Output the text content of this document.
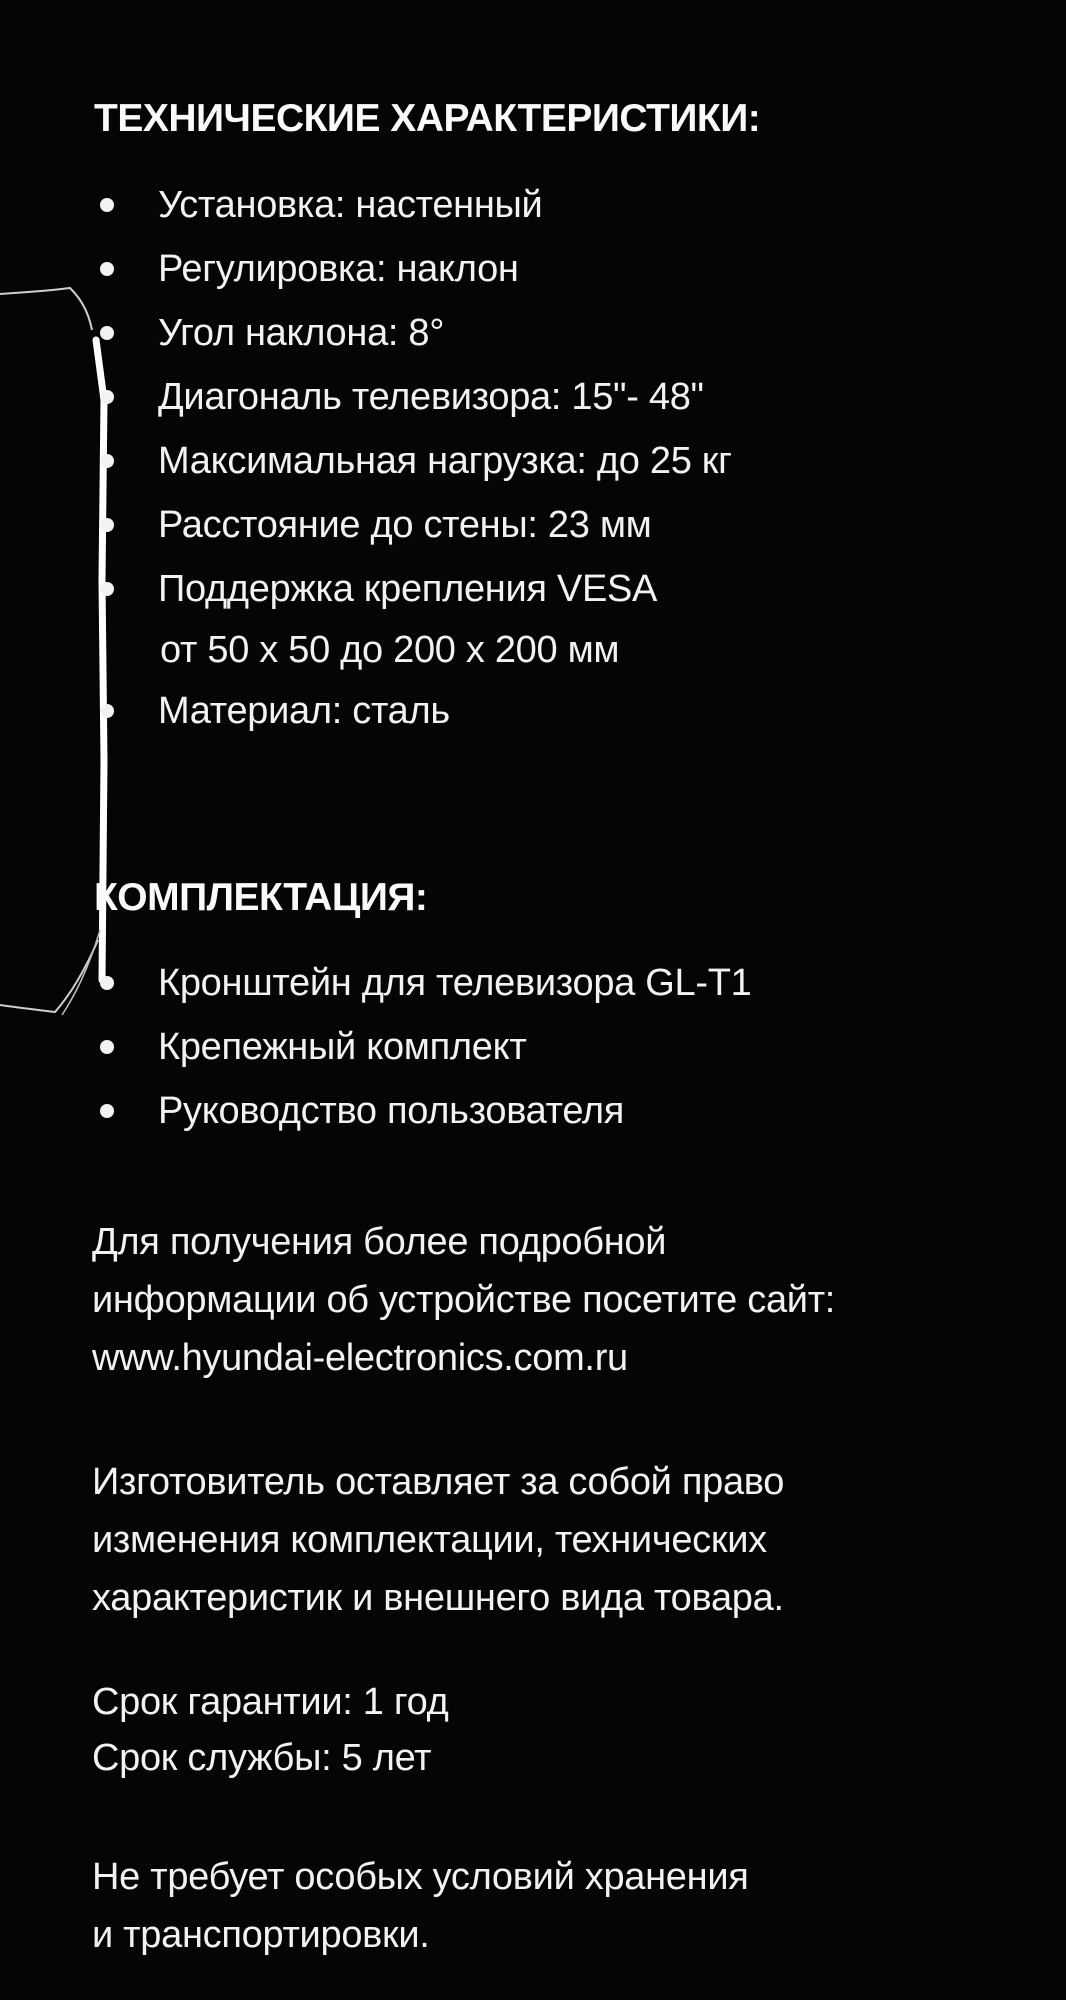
ТЕХНИЧЕСКИЕ ХАРАКТЕРИСТИКИ:
Установка: настенный
Регулировка: наклон
Угол наклона: 8°
Диагональ телевизора: 15"- 48"
Максимальная нагрузка: до 25 кг
Расстояние до стены: 23 мм
Поддержка крепления VESA
от 50 х 50 до 200 х 200 мм
Материал: сталь
КОМПЛЕКТАЦИЯ:
Кронштейн для телевизора GL-T1
Крепежный комплект
Руководство пользователя
Для получения более подробной
информации об устройстве посетите сайт:
www.hyundai-electronics.com.ru
Изготовитель оставляет за собой право
изменения комплектации, технических
характеристик и внешнего вида товара.
Срок гарантии: 1 год
Срок службы: 5 лет
Не требует особых условий хранения
и транспортировки.
